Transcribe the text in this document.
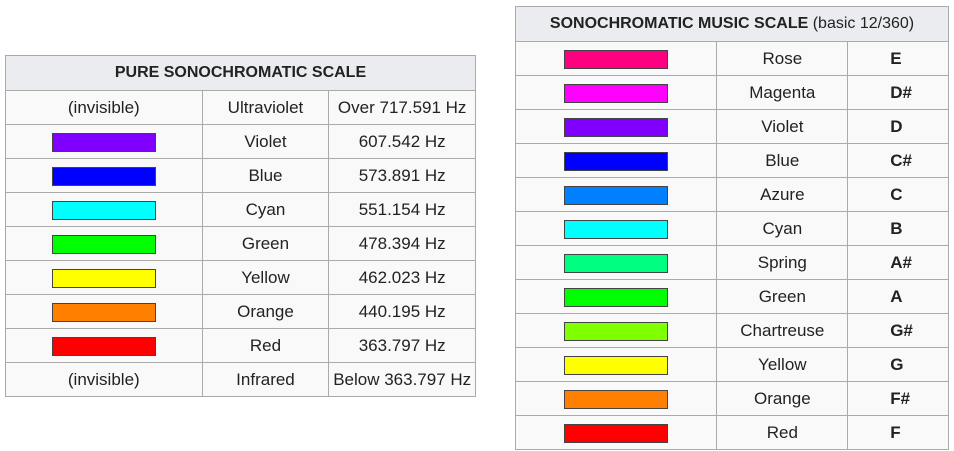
PURE SONOCHROMATIC SCALE		
(invisible)	Ultraviolet	Over 717.591 Hz
	Violet	607.542 Hz
	Blue	573.891 Hz
	Cyan	551.154 Hz
	Green	478.394 Hz
	Yellow	462.023 Hz
	Orange	440.195 Hz
	Red	363.797 Hz
(invisible)	Infrared	Below 363.797 Hz
SONOCHROMATIC MUSIC SCALE (basic 12/360)		
	Rose	E
	Magenta	D#
	Violet	D
	Blue	C#
	Azure	C
	Cyan	B
	Spring	A#
	Green	A
	Chartreuse	G#
	Yellow	G
	Orange	F#
	Red	F
